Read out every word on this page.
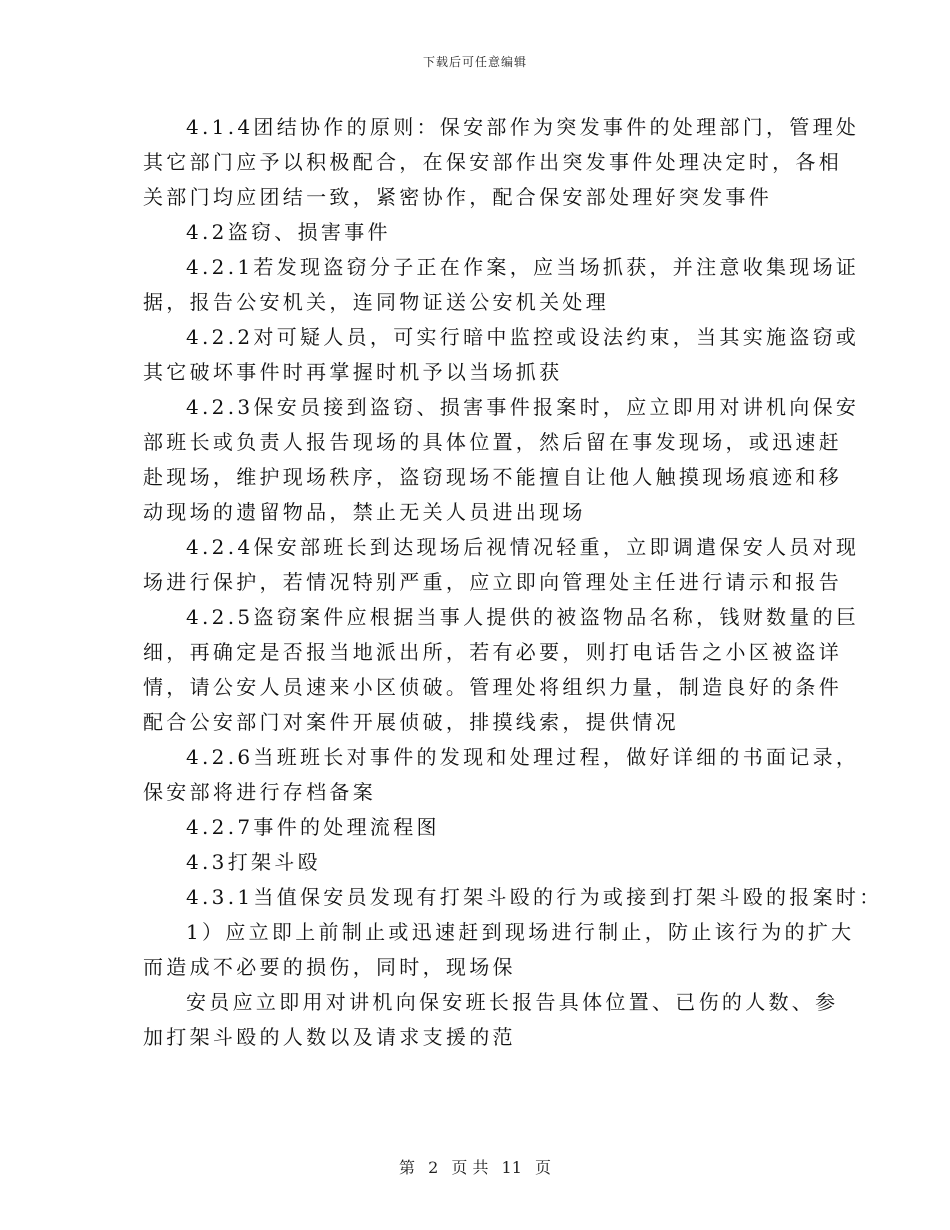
下载后可任意编辑
4.1.4团结协作的原则：保安部作为突发事件的处理部门，管理处
其它部门应予以积极配合，在保安部作出突发事件处理决定时，各相
关部门均应团结一致，紧密协作，配合保安部处理好突发事件
4.2盗窃、损害事件
4.2.1若发现盗窃分子正在作案，应当场抓获，并注意收集现场证
据，报告公安机关，连同物证送公安机关处理
4.2.2对可疑人员，可实行暗中监控或设法约束，当其实施盗窃或
其它破坏事件时再掌握时机予以当场抓获
4.2.3保安员接到盗窃、损害事件报案时，应立即用对讲机向保安
部班长或负责人报告现场的具体位置，然后留在事发现场，或迅速赶
赴现场，维护现场秩序，盗窃现场不能擅自让他人触摸现场痕迹和移
动现场的遗留物品，禁止无关人员进出现场
4.2.4保安部班长到达现场后视情况轻重，立即调遣保安人员对现
场进行保护，若情况特别严重，应立即向管理处主任进行请示和报告
4.2.5盗窃案件应根据当事人提供的被盗物品名称，钱财数量的巨
细，再确定是否报当地派出所，若有必要，则打电话告之小区被盗详
情，请公安人员速来小区侦破。管理处将组织力量，制造良好的条件
配合公安部门对案件开展侦破，排摸线索，提供情况
4.2.6当班班长对事件的发现和处理过程，做好详细的书面记录，
保安部将进行存档备案
4.2.7事件的处理流程图
4.3打架斗殴
4.3.1当值保安员发现有打架斗殴的行为或接到打架斗殴的报案时：
1）应立即上前制止或迅速赶到现场进行制止，防止该行为的扩大
而造成不必要的损伤，同时，现场保
安员应立即用对讲机向保安班长报告具体位置、已伤的人数、参
加打架斗殴的人数以及请求支援的范
第 2 页 共 11 页
